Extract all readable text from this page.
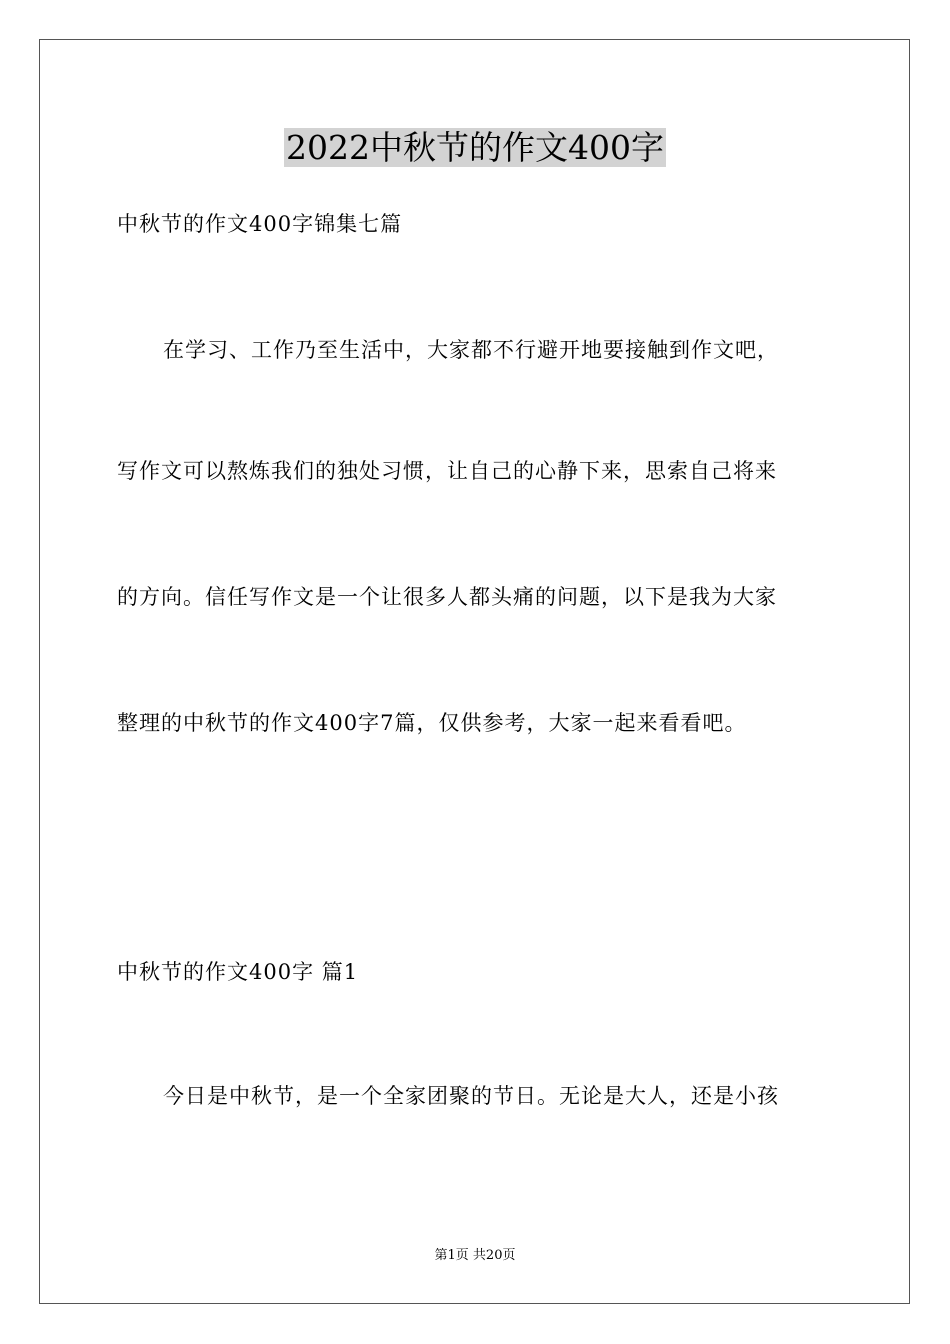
2022中秋节的作文400字
中秋节的作文400字锦集七篇
在学习、工作乃至生活中，大家都不行避开地要接触到作文吧，
写作文可以熬炼我们的独处习惯，让自己的心静下来，思索自己将来
的方向。信任写作文是一个让很多人都头痛的问题，以下是我为大家
整理的中秋节的作文400字7篇，仅供参考，大家一起来看看吧。
中秋节的作文400字 篇1
今日是中秋节，是一个全家团聚的节日。无论是大人，还是小孩
第1页 共20页
